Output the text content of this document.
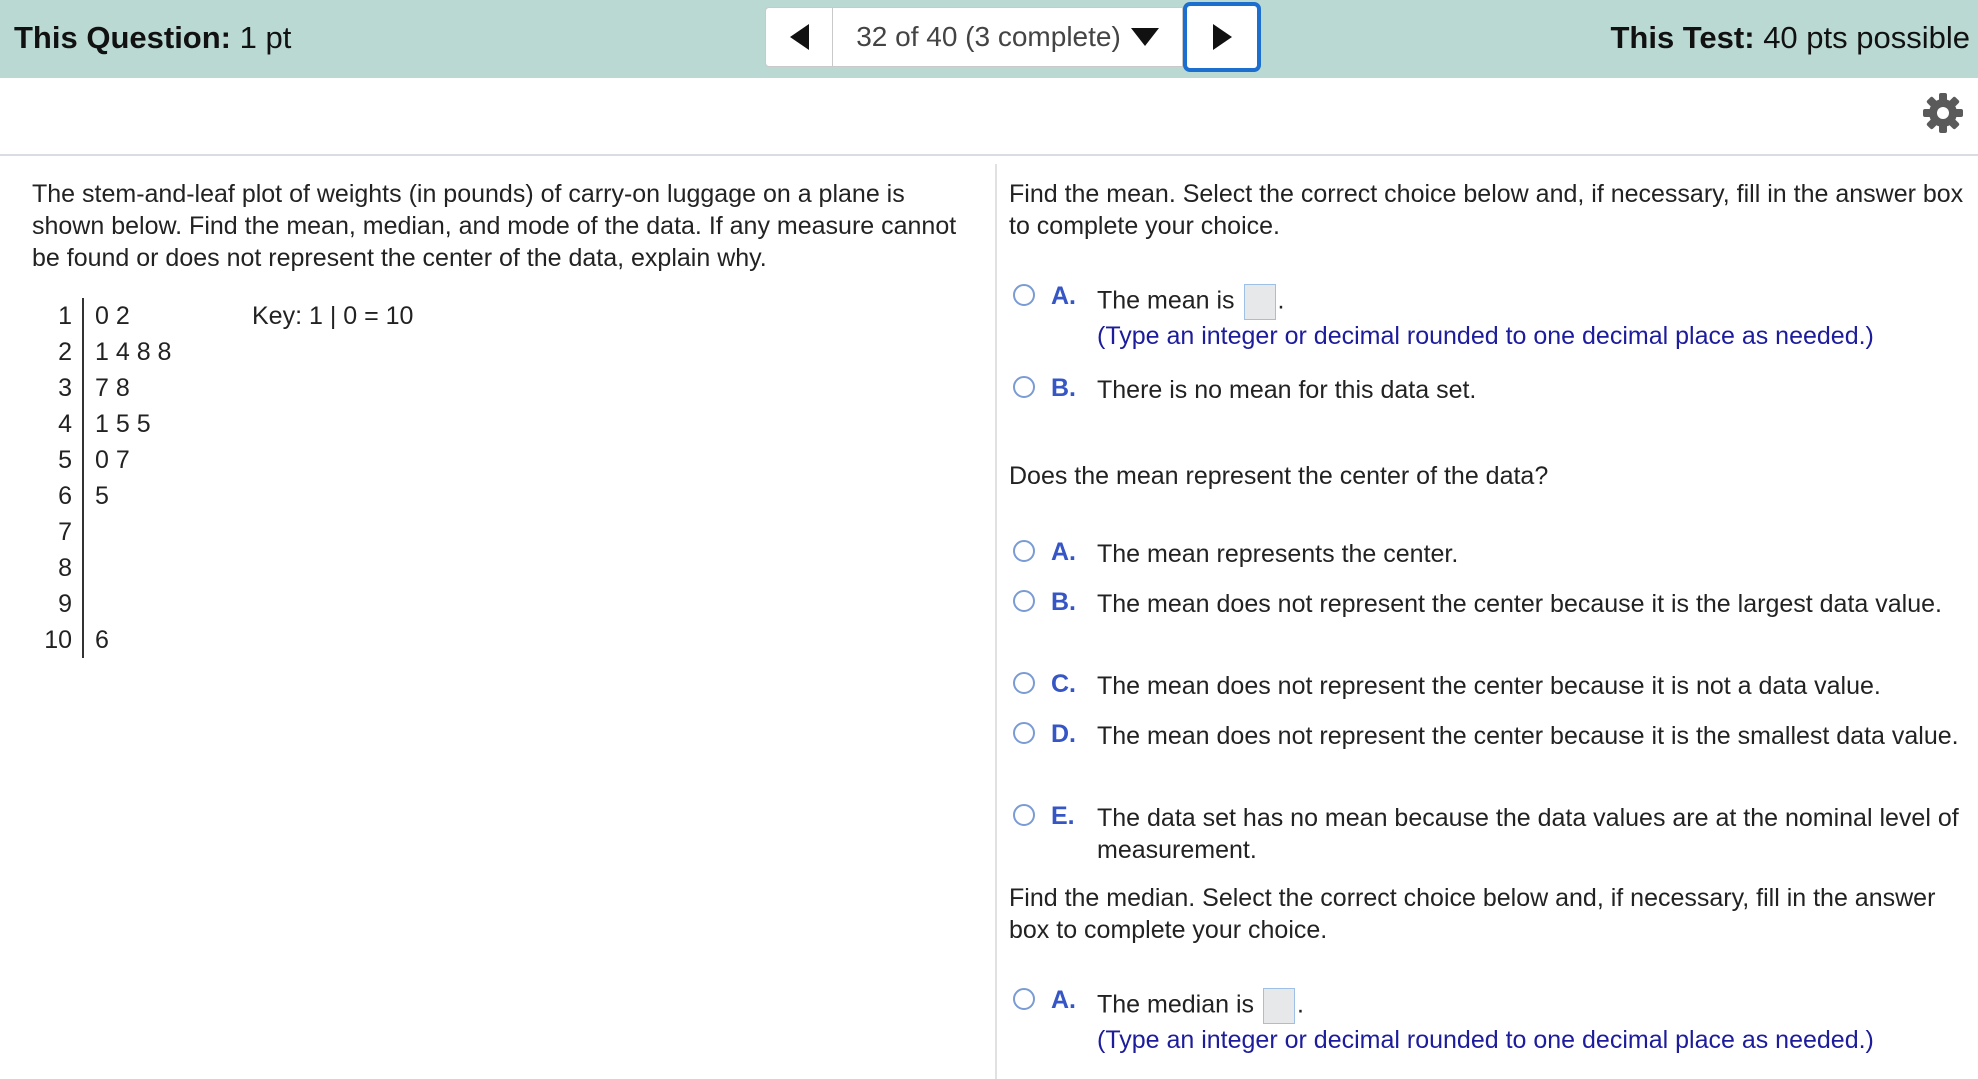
This Question: 1 pt	32 of 40 (3 complete)	This Test: 40 pts possible
The stem-and-leaf plot of weights (in pounds) of carry-on luggage on a plane is shown below. Find the mean, median, and mode of the data. If any measure cannot be found or does not represent the center of the data, explain why.
1 0 2
2 1 4 8 8
3 7 8
4 1 5 5
5 0 7
6 5
7
8
9
10 6
Key: 1 | 0 = 10
Find the mean. Select the correct choice below and, if necessary, fill in the answer box to complete your choice.
A. The mean is .
(Type an integer or decimal rounded to one decimal place as needed.)
B. There is no mean for this data set.
Does the mean represent the center of the data?
A. The mean represents the center.
B. The mean does not represent the center because it is the largest data value.
C. The mean does not represent the center because it is not a data value.
D. The mean does not represent the center because it is the smallest data value.
E. The data set has no mean because the data values are at the nominal level of measurement.
Find the median. Select the correct choice below and, if necessary, fill in the answer box to complete your choice.
A. The median is .
(Type an integer or decimal rounded to one decimal place as needed.)
